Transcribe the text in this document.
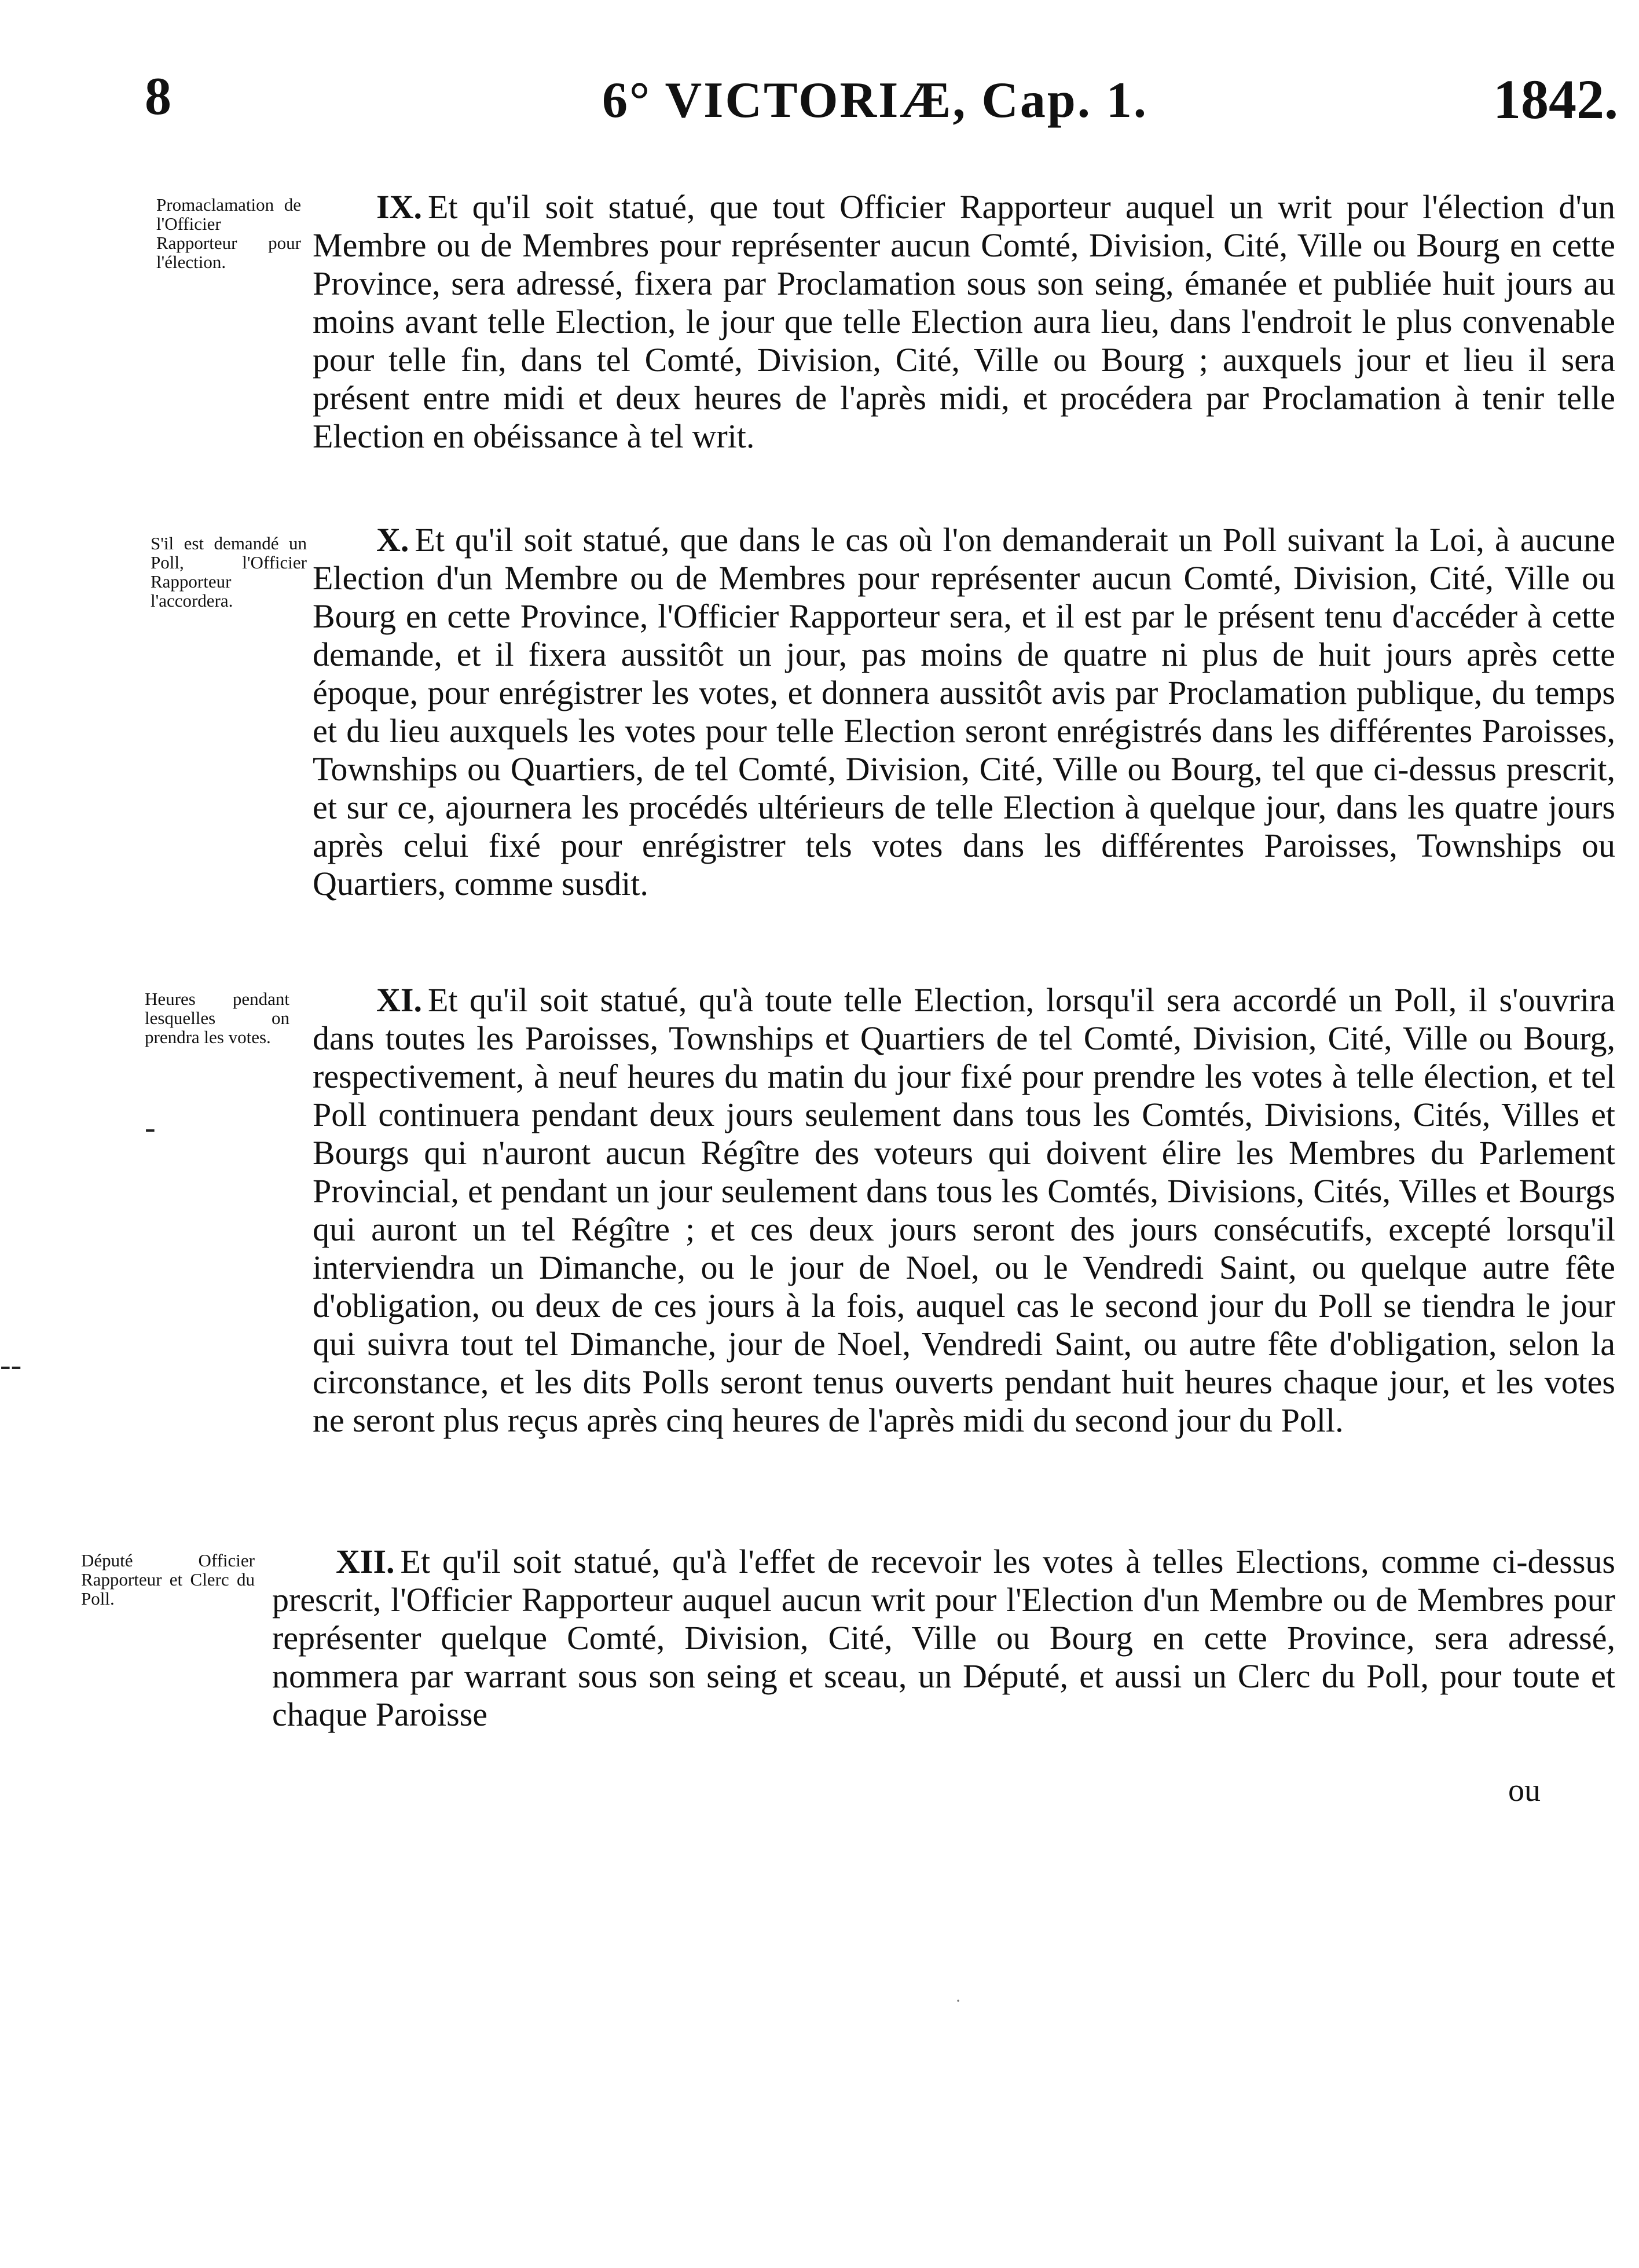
8	6° VICTORIÆ, Cap. 1.	1842.
Promaclamation de l'Officier Rapporteur pour l'élection.
IX. Et qu'il soit statué, que tout Officier Rapporteur auquel un writ pour l'élection d'un Membre ou de Membres pour représenter aucun Comté, Division, Cité, Ville ou Bourg en cette Province, sera adressé, fixera par Proclamation sous son seing, émanée et publiée huit jours au moins avant telle Election, le jour que telle Election aura lieu, dans l'endroit le plus convenable pour telle fin, dans tel Comté, Division, Cité, Ville ou Bourg ; auxquels jour et lieu il sera présent entre midi et deux heures de l'après midi, et procédera par Proclamation à tenir telle Election en obéissance à tel writ.
S'il est demandé un Poll, l'Officier Rapporteur l'accordera.
X. Et qu'il soit statué, que dans le cas où l'on demanderait un Poll suivant la Loi, à aucune Election d'un Membre ou de Membres pour représenter aucun Comté, Division, Cité, Ville ou Bourg en cette Province, l'Officier Rapporteur sera, et il est par le présent tenu d'accéder à cette demande, et il fixera aussitôt un jour, pas moins de quatre ni plus de huit jours après cette époque, pour enrégistrer les votes, et donnera aussitôt avis par Proclamation publique, du temps et du lieu auxquels les votes pour telle Election seront enrégistrés dans les différentes Paroisses, Townships ou Quartiers, de tel Comté, Division, Cité, Ville ou Bourg, tel que ci-dessus prescrit, et sur ce, ajournera les procédés ultérieurs de telle Election à quelque jour, dans les quatre jours après celui fixé pour enrégistrer tels votes dans les différentes Paroisses, Townships ou Quartiers, comme susdit.
Heures pendant lesquelles on prendra les votes.
-
XI. Et qu'il soit statué, qu'à toute telle Election, lorsqu'il sera accordé un Poll, il s'ouvrira dans toutes les Paroisses, Townships et Quartiers de tel Comté, Division, Cité, Ville ou Bourg, respectivement, à neuf heures du matin du jour fixé pour prendre les votes à telle élection, et tel Poll continuera pendant deux jours seulement dans tous les Comtés, Divisions, Cités, Villes et Bourgs qui n'auront aucun Régître des voteurs qui doivent élire les Membres du Parlement Provincial, et pendant un jour seulement dans tous les Comtés, Divisions, Cités, Villes et Bourgs qui auront un tel Régître ; et ces deux jours seront des jours consécutifs, excepté lorsqu'il interviendra un Dimanche, ou le jour de Noel, ou le Vendredi Saint, ou quelque autre fête d'obligation, ou deux de ces jours à la fois, auquel cas le second jour du Poll se tiendra le jour qui suivra tout tel Dimanche, jour de Noel, Vendredi Saint, ou autre fête d'obligation, selon la circonstance, et les dits Polls seront tenus ouverts pendant huit heures chaque jour, et les votes ne seront plus reçus après cinq heures de l'après midi du second jour du Poll.
Député Officier Rapporteur et Clerc du Poll.
XII. Et qu'il soit statué, qu'à l'effet de recevoir les votes à telles Elections, comme ci-dessus prescrit, l'Officier Rapporteur auquel aucun writ pour l'Election d'un Membre ou de Membres pour représenter quelque Comté, Division, Cité, Ville ou Bourg en cette Province, sera adressé, nommera par warrant sous son seing et sceau, un Député, et aussi un Clerc du Poll, pour toute et chaque Paroisse
--
ou
·
